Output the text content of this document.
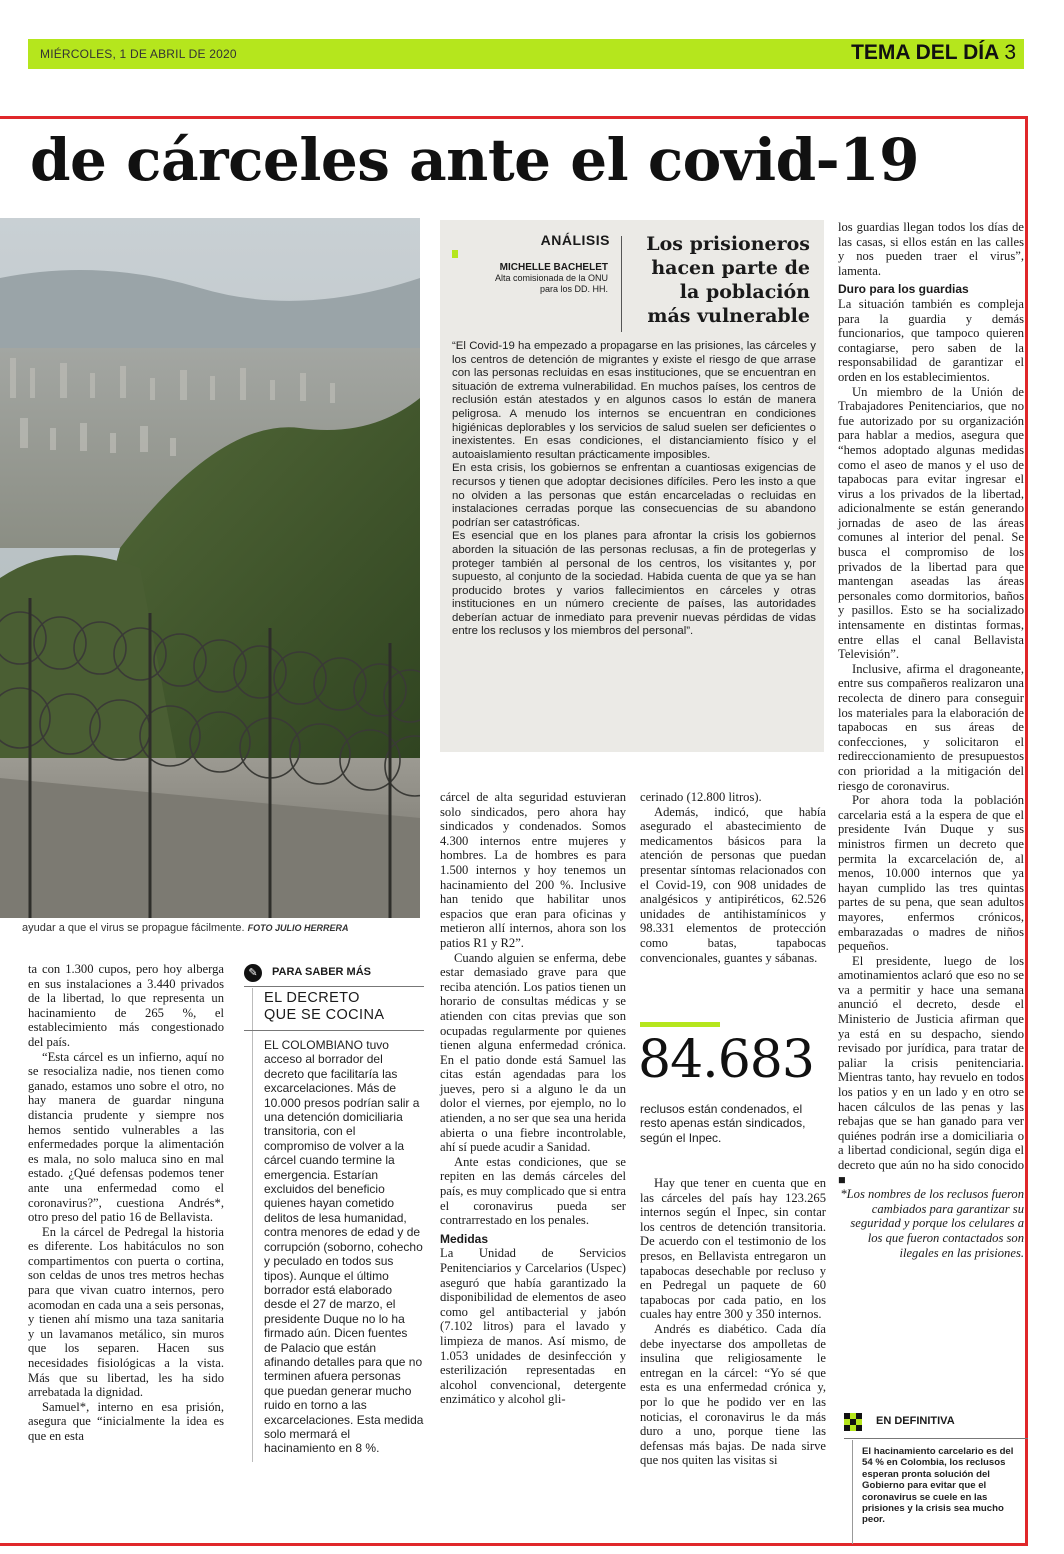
MIÉRCOLES, 1 DE ABRIL DE 2020	TEMA DEL DÍA 3
de cárceles ante el covid-19
ayudar a que el virus se propague fácilmente. FOTO JULIO HERRERA
ANÁLISIS
MICHELLE BACHELET
Alta comisionada de la ONU
para los DD. HH.
Los prisioneros
hacen parte de
la población
más vulnerable

“El Covid-19 ha empezado a propagarse en las prisiones, las cárceles y los centros de detención de migrantes y existe el riesgo de que arrase con las personas recluidas en esas instituciones, que se encuentran en situación de extrema vulnerabilidad. En muchos países, los centros de reclusión están atestados y en algunos casos lo están de manera peligrosa. A menudo los internos se encuentran en condiciones higiénicas deplorables y los servicios de salud suelen ser deficientes o inexistentes. En esas condiciones, el distanciamiento físico y el autoaislamiento resultan prácticamente imposibles.

En esta crisis, los gobiernos se enfrentan a cuantiosas exigencias de recursos y tienen que adoptar decisiones difíciles. Pero les insto a que no olviden a las personas que están encarceladas o recluidas en instalaciones cerradas porque las consecuencias de su abandono podrían ser catastróficas.

Es esencial que en los planes para afrontar la crisis los gobiernos aborden la situación de las personas reclusas, a fin de protegerlas y proteger también al personal de los centros, los visitantes y, por supuesto, al conjunto de la sociedad. Habida cuenta de que ya se han producido brotes y varios fallecimientos en cárceles y otras instituciones en un número creciente de países, las autoridades deberían actuar de inmediato para prevenir nuevas pérdidas de vidas entre los reclusos y los miembros del personal”.

ta con 1.300 cupos, pero hoy alberga en sus instalaciones a 3.440 privados de la libertad, lo que representa un hacinamiento de 265 %, el establecimiento más congestionado del país.

“Esta cárcel es un infierno, aquí no se resocializa nadie, nos tienen como ganado, estamos uno sobre el otro, no hay manera de guardar ninguna distancia prudente y siempre nos hemos sentido vulnerables a las enfermedades porque la alimentación es mala, no solo maluca sino en mal estado. ¿Qué defensas podemos tener ante una enfermedad como el coronavirus?”, cuestiona Andrés*, otro preso del patio 16 de Bellavista.

En la cárcel de Pedregal la historia es diferente. Los habitáculos no son compartimentos con puerta o cortina, son celdas de unos tres metros hechas para que vivan cuatro internos, pero acomodan en cada una a seis personas, y tienen ahí mismo una taza sanitaria y un lavamanos metálico, sin muros que los separen. Hacen sus necesidades fisiológicas a la vista. Más que su libertad, les ha sido arrebatada la dignidad.

Samuel*, interno en esa prisión, asegura que “inicialmente la idea es que en esta

✎	PARA SABER MÁS
EL DECRETO
QUE SE COCINA
EL COLOMBIANO tuvo acceso al borrador del decreto que facilitaría las excarcelaciones. Más de 10.000 presos podrían salir a una detención domiciliaria transitoria, con el compromiso de volver a la cárcel cuando termine la emergencia. Estarían excluidos del beneficio quienes hayan cometido delitos de lesa humanidad, contra menores de edad y de corrupción (soborno, cohecho y peculado en todos sus tipos). Aunque el último borrador está elaborado desde el 27 de marzo, el presidente Duque no lo ha firmado aún. Dicen fuentes de Palacio que están afinando detalles para que no terminen afuera personas que puedan generar mucho ruido en torno a las excarcelaciones. Esta medida solo mermará el hacinamiento en 8 %.

cárcel de alta seguridad estuvieran solo sindicados, pero ahora hay sindicados y condenados. Somos 4.300 internos entre mujeres y hombres. La de hombres es para 1.500 internos y hoy tenemos un hacinamiento del 200 %. Inclusive han tenido que habilitar unos espacios que eran para oficinas y metieron allí internos, ahora son los patios R1 y R2”.

Cuando alguien se enferma, debe estar demasiado grave para que reciba atención. Los patios tienen un horario de consultas médicas y se atienden con citas previas que son ocupadas regularmente por quienes tienen alguna enfermedad crónica. En el patio donde está Samuel las citas están agendadas para los jueves, pero si a alguno le da un dolor el viernes, por ejemplo, no lo atienden, a no ser que sea una herida abierta o una fiebre incontrolable, ahí sí puede acudir a Sanidad.

Ante estas condiciones, que se repiten en las demás cárceles del país, es muy complicado que si entra el coronavirus pueda ser contrarrestado en los penales.

Medidas

La Unidad de Servicios Penitenciarios y Carcelarios (Uspec) aseguró que había garantizado la disponibilidad de elementos de aseo como gel antibacterial y jabón (7.102 litros) para el lavado y limpieza de manos. Así mismo, de 1.053 unidades de desinfección y esterilización representadas en alcohol convencional, detergente enzimático y alcohol gli-

cerinado (12.800 litros).

Además, indicó, que había asegurado el abastecimiento de medicamentos básicos para la atención de personas que puedan presentar síntomas relacionados con el Covid-19, con 908 unidades de analgésicos y antipiréticos, 62.526 unidades de antihistamínicos y 98.331 elementos de protección como batas, tapabocas convencionales, guantes y sábanas.

84.683
reclusos están condenados, el resto apenas están sindicados, según el Inpec.

Hay que tener en cuenta que en las cárceles del país hay 123.265 internos según el Inpec, sin contar los centros de detención transitoria. De acuerdo con el testimonio de los presos, en Bellavista entregaron un tapabocas desechable por recluso y en Pedregal un paquete de 60 tapabocas por cada patio, en los cuales hay entre 300 y 350 internos.

Andrés es diabético. Cada día debe inyectarse dos ampolletas de insulina que religiosamente le entregan en la cárcel: “Yo sé que esta es una enfermedad crónica y, por lo que he podido ver en las noticias, el coronavirus le da más duro a uno, porque tiene las defensas más bajas. De nada sirve que nos quiten las visitas si

los guardias llegan todos los días de las casas, si ellos están en las calles y nos pueden traer el virus”, lamenta.

Duro para los guardias

La situación también es compleja para la guardia y demás funcionarios, que tampoco quieren contagiarse, pero saben de la responsabilidad de garantizar el orden en los establecimientos.

Un miembro de la Unión de Trabajadores Penitenciarios, que no fue autorizado por su organización para hablar a medios, asegura que “hemos adoptado algunas medidas como el aseo de manos y el uso de tapabocas para evitar ingresar el virus a los privados de la libertad, adicionalmente se están generando jornadas de aseo de las áreas comunes al interior del penal. Se busca el compromiso de los privados de la libertad para que mantengan aseadas las áreas personales como dormitorios, baños y pasillos. Esto se ha socializado intensamente en distintas formas, entre ellas el canal Bellavista Televisión”.

Inclusive, afirma el dragoneante, entre sus compañeros realizaron una recolecta de dinero para conseguir los materiales para la elaboración de tapabocas en sus áreas de confecciones, y solicitaron el redireccionamiento de presupuestos con prioridad a la mitigación del riesgo de coronavirus.

Por ahora toda la población carcelaria está a la espera de que el presidente Iván Duque y sus ministros firmen un decreto que permita la excarcelación de, al menos, 10.000 internos que ya hayan cumplido las tres quintas partes de su pena, que sean adultos mayores, enfermos crónicos, embarazadas o madres de niños pequeños.

El presidente, luego de los amotinamientos aclaró que eso no se va a permitir y hace una semana anunció el decreto, desde el Ministerio de Justicia afirman que ya está en su despacho, siendo revisado por jurídica, para tratar de paliar la crisis penitenciaria. Mientras tanto, hay revuelo en todos los patios y en un lado y en otro se hacen cálculos de las penas y las rebajas que se han ganado para ver quiénes podrán irse a domiciliaria o a libertad condicional, según diga el decreto que aún no ha sido conocido ■

*Los nombres de los reclusos fueron cambiados para garantizar su seguridad y porque los celulares a los que fueron contactados son ilegales en las prisiones.

EN DEFINITIVA
El hacinamiento carcelario es del 54 % en Colombia, los reclusos esperan pronta solución del Gobierno para evitar que el coronavirus se cuele en las prisiones y la crisis sea mucho peor.
